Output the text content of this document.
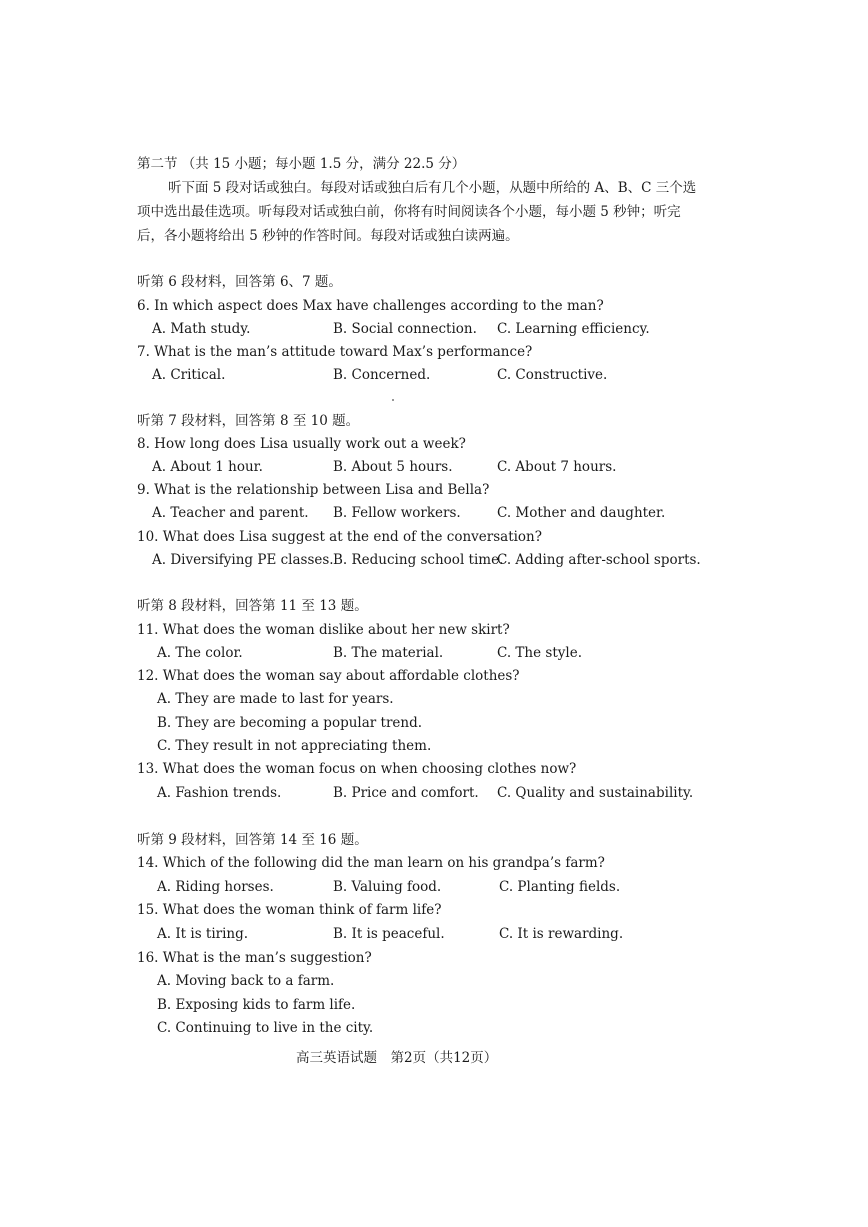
第二节 （共 15 小题；每小题 1.5 分，满分 22.5 分）
听下面 5 段对话或独白。每段对话或独白后有几个小题，从题中所给的 A、B、C 三个选
项中选出最佳选项。听每段对话或独白前，你将有时间阅读各个小题，每小题 5 秒钟；听完
后，各小题将给出 5 秒钟的作答时间。每段对话或独白读两遍。
听第 6 段材料，回答第 6、7 题。
6. In which aspect does Max have challenges according to the man?
A. Math study.	B. Social connection. C. Learning efficiency.
7. What is the man’s attitude toward Max’s performance?
A. Critical.	B. Concerned.	C. Constructive.
听第 7 段材料，回答第 8 至 10 题。
8. How long does Lisa usually work out a week?
A. About 1 hour.	B. About 5 hours.	C. About 7 hours.
9. What is the relationship between Lisa and Bella?
A. Teacher and parent. B. Fellow workers.	C. Mother and daughter.
10. What does Lisa suggest at the end of the conversation?
A. Diversifying PE classes. B. Reducing school time.
C. Adding after-school sports.
听第 8 段材料，回答第 11 至 13 题。
11. What does the woman dislike about her new skirt?
A. The color.	B. The material.	C. The style.
12. What does the woman say about affordable clothes?
A. They are made to last for years.
B. They are becoming a popular trend.
C. They result in not appreciating them.
13. What does the woman focus on when choosing clothes now?
A. Fashion trends.	B. Price and comfort. C. Quality and sustainability.
听第 9 段材料，回答第 14 至 16 题。
14. Which of the following did the man learn on his grandpa’s farm?
A. Riding horses.	B. Valuing food.	C. Planting fields.
15. What does the woman think of farm life?
A. It is tiring.	B. It is peaceful.	C. It is rewarding.
16. What is the man’s suggestion?
A. Moving back to a farm.
B. Exposing kids to farm life.
C. Continuing to live in the city.
高三英语试题　第2页（共12页）
